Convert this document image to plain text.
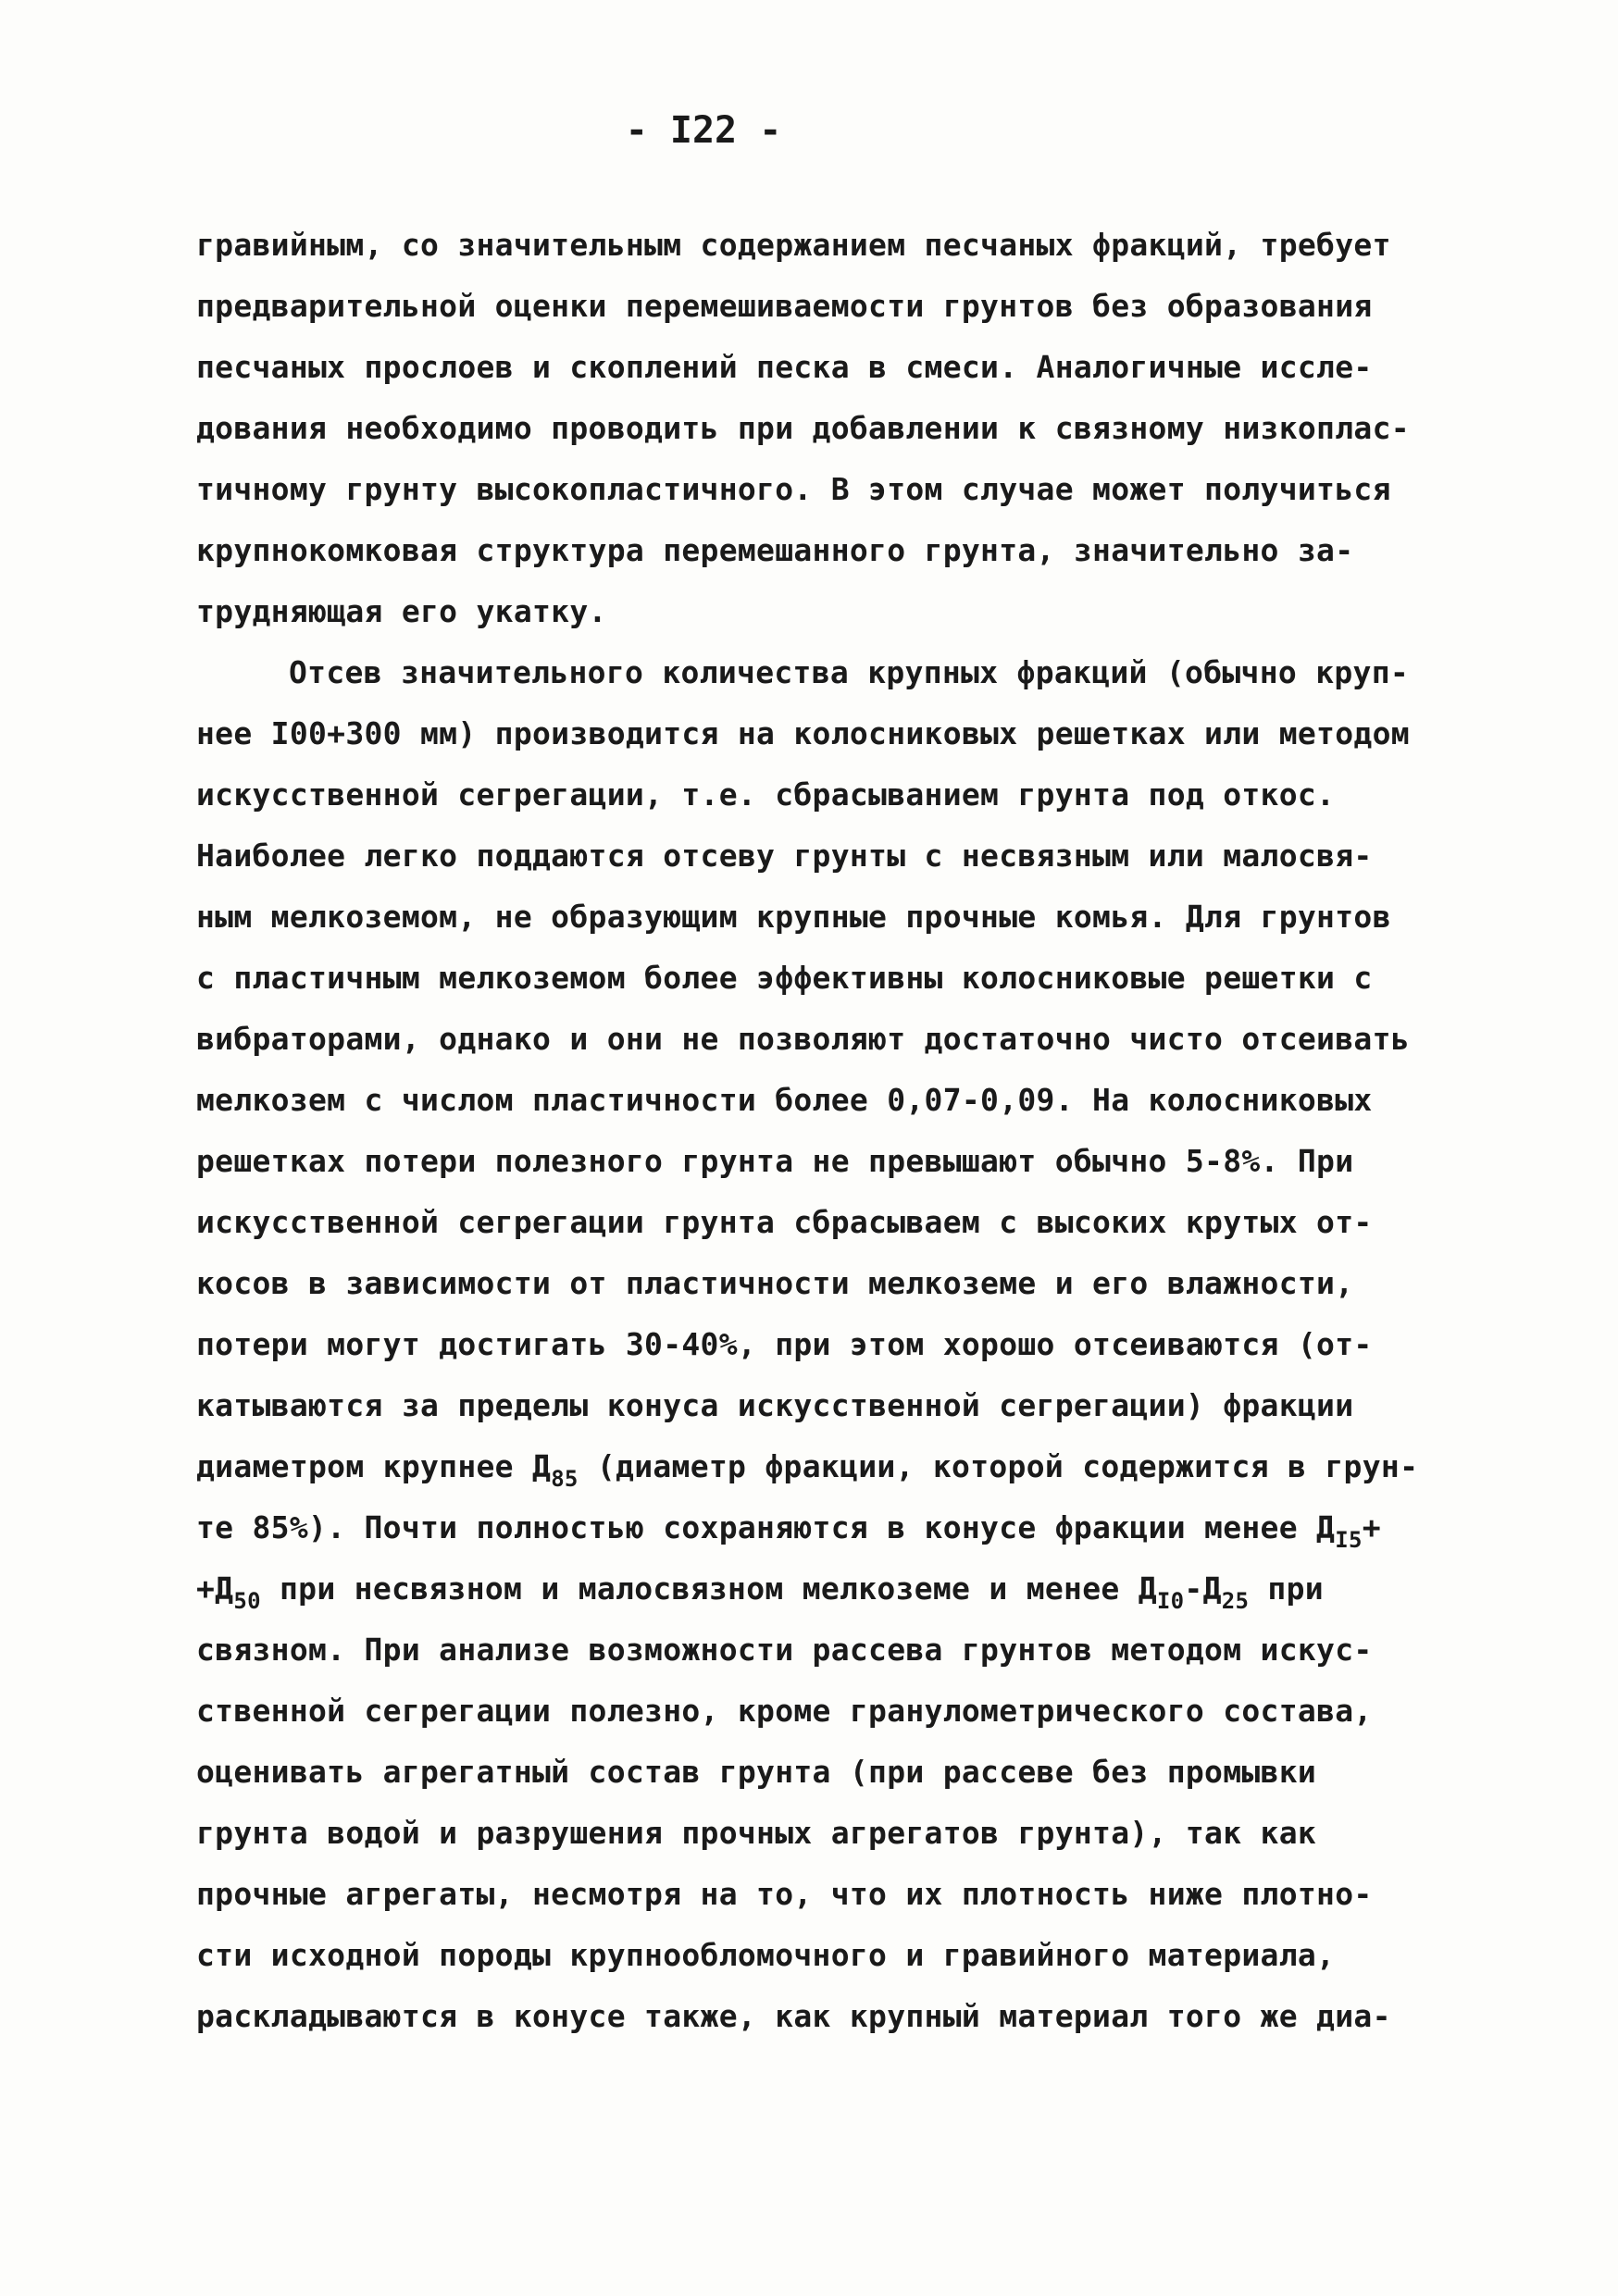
- I22 -
гравийным, со значительным содержанием песчаных фракций, требует
предварительной оценки перемешиваемости грунтов без образования
песчаных прослоев и скоплений песка в смеси. Аналогичные иссле-
дования необходимо проводить при добавлении к связному низкоплас-
тичному грунту высокопластичного. В этом случае может получиться
крупнокомковая структура перемешанного грунта, значительно за-
трудняющая его укатку.
Отсев значительного количества крупных фракций (обычно круп-
нее I00+300 мм) производится на колосниковых решетках или методом
искусственной сегрегации, т.е. сбрасыванием грунта под откос.
Наиболее легко поддаются отсеву грунты с несвязным или малосвя-
ным мелкоземом, не образующим крупные прочные комья. Для грунтов
с пластичным мелкоземом более эффективны колосниковые решетки с
вибраторами, однако и они не позволяют достаточно чисто отсеивать
мелкозем с числом пластичности более 0,07-0,09. На колосниковых
решетках потери полезного грунта не превышают обычно 5-8%. При
искусственной сегрегации грунта сбрасываем с высоких крутых от-
косов в зависимости от пластичности мелкоземе и его влажности,
потери могут достигать 30-40%, при этом хорошо отсеиваются (от-
катываются за пределы конуса искусственной сегрегации) фракции
диаметром крупнее $Д_{85}$ (диаметр фракции, которой содержится в грун-
те 85%). Почти полностью сохраняются в конусе фракции менее $Д_{I5}+$
$+Д_{50}$ при несвязном и малосвязном мелкоземе и менее $Д_{I0}-Д_{25}$ при
связном. При анализе возможности рассева грунтов методом искус-
ственной сегрегации полезно, кроме гранулометрического состава,
оценивать агрегатный состав грунта (при рассеве без промывки
грунта водой и разрушения прочных агрегатов грунта), так как
прочные агрегаты, несмотря на то, что их плотность ниже плотно-
сти исходной породы крупнообломочного и гравийного материала,
раскладываются в конусе также, как крупный материал того же диа-
